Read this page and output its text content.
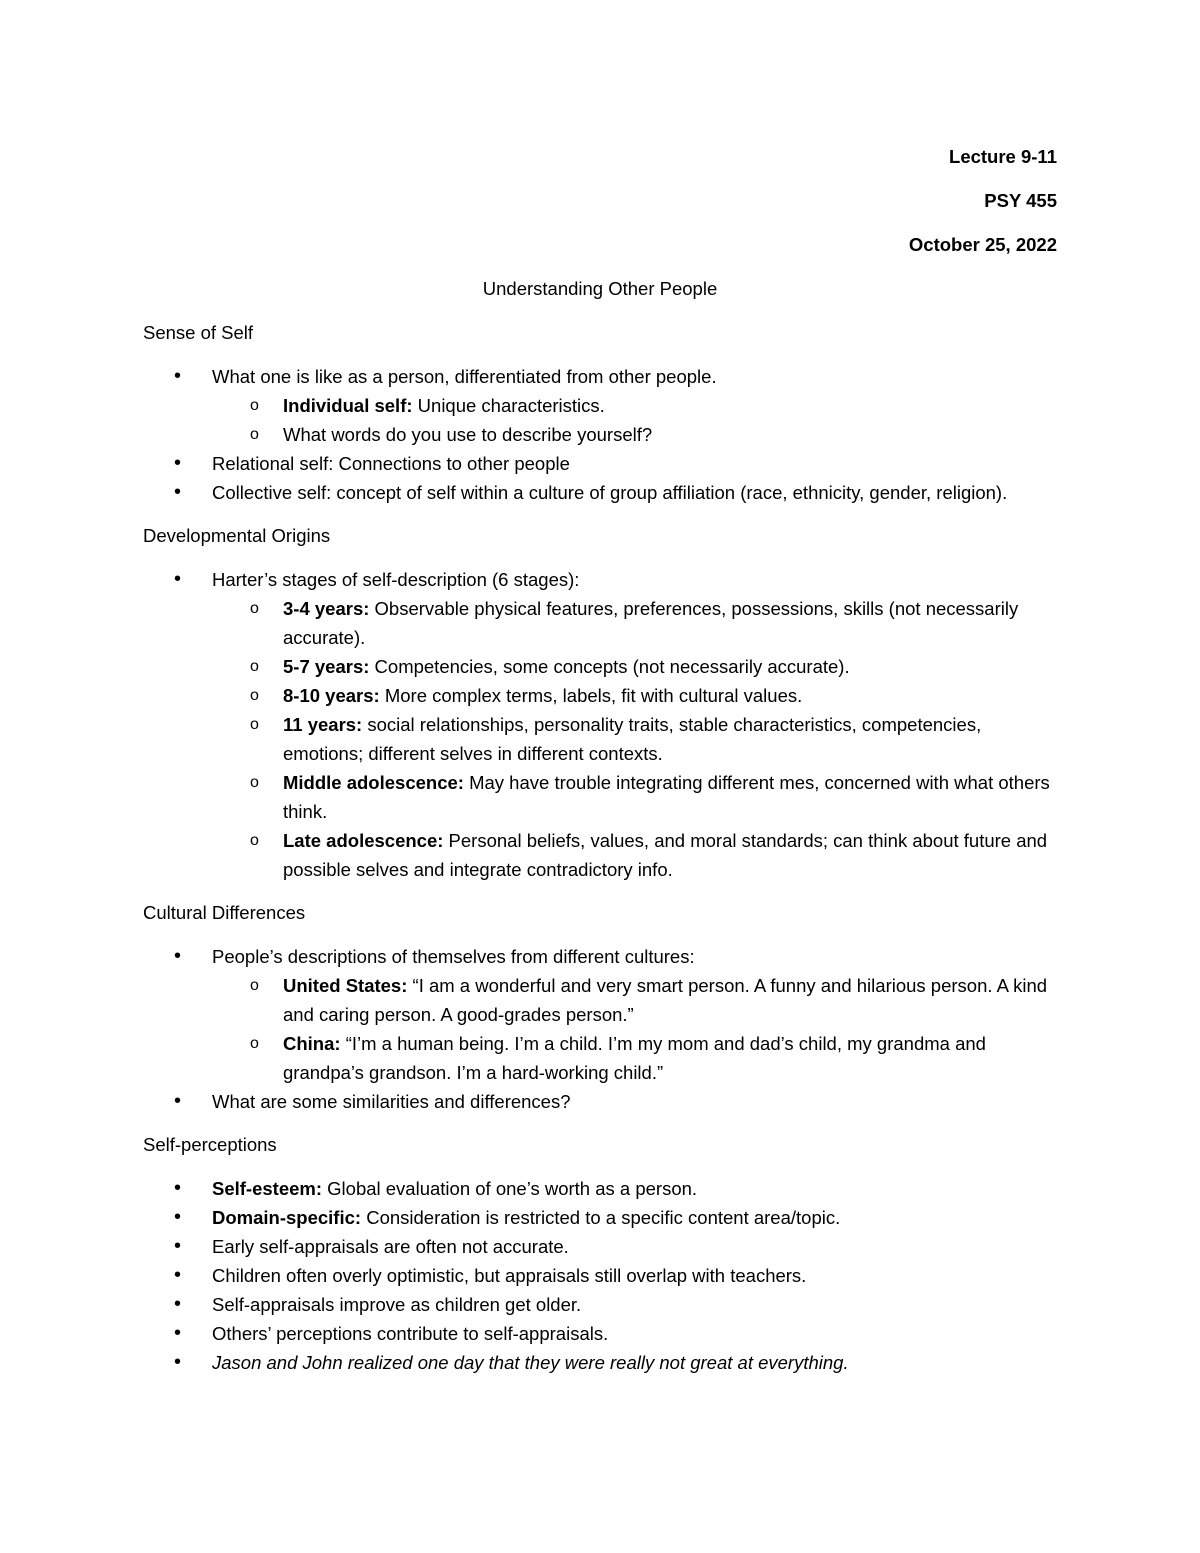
Lecture 9-11
PSY 455
October 25, 2022
Understanding Other People
Sense of Self
• What one is like as a person, differentiated from other people.
o Individual self: Unique characteristics.
o What words do you use to describe yourself?
• Relational self: Connections to other people
• Collective self: concept of self within a culture of group affiliation (race, ethnicity, gender, religion).
Developmental Origins
• Harter’s stages of self-description (6 stages):
o 3-4 years: Observable physical features, preferences, possessions, skills (not necessarily accurate).
o 5-7 years: Competencies, some concepts (not necessarily accurate).
o 8-10 years: More complex terms, labels, fit with cultural values.
o 11 years: social relationships, personality traits, stable characteristics, competencies, emotions; different selves in different contexts.
o Middle adolescence: May have trouble integrating different mes, concerned with what others think.
o Late adolescence: Personal beliefs, values, and moral standards; can think about future and possible selves and integrate contradictory info.
Cultural Differences
• People’s descriptions of themselves from different cultures:
o United States: “I am a wonderful and very smart person. A funny and hilarious person. A kind and caring person. A good-grades person.”
o China: “I’m a human being. I’m a child. I’m my mom and dad’s child, my grandma and grandpa’s grandson. I’m a hard-working child.”
• What are some similarities and differences?
Self-perceptions
• Self-esteem: Global evaluation of one’s worth as a person.
• Domain-specific: Consideration is restricted to a specific content area/topic.
• Early self-appraisals are often not accurate.
• Children often overly optimistic, but appraisals still overlap with teachers.
• Self-appraisals improve as children get older.
• Others’ perceptions contribute to self-appraisals.
• Jason and John realized one day that they were really not great at everything.
